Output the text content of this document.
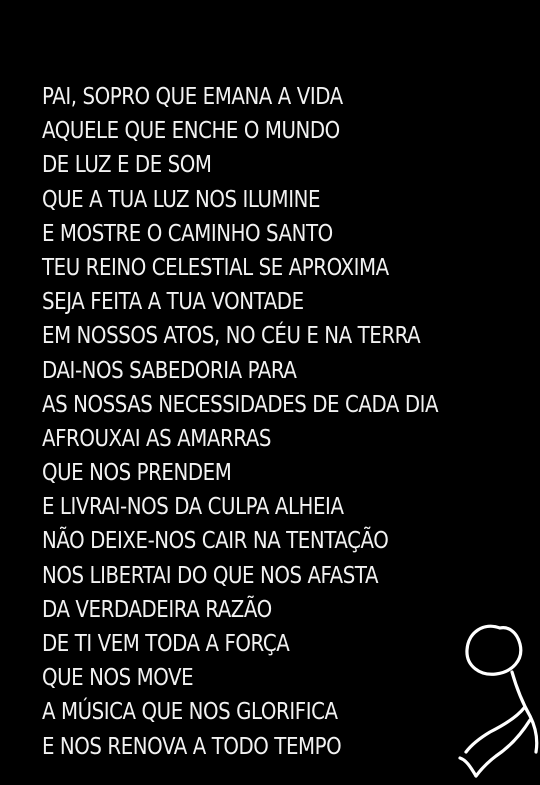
PAI, SOPRO QUE EMANA A VIDA
AQUELE QUE ENCHE O MUNDO
DE LUZ E DE SOM
QUE A TUA LUZ NOS ILUMINE
E MOSTRE O CAMINHO SANTO
TEU REINO CELESTIAL SE APROXIMA
SEJA FEITA A TUA VONTADE
EM NOSSOS ATOS, NO CÉU E NA TERRA
DAI-NOS SABEDORIA PARA
AS NOSSAS NECESSIDADES DE CADA DIA
AFROUXAI AS AMARRAS
QUE NOS PRENDEM
E LIVRAI-NOS DA CULPA ALHEIA
NÃO DEIXE-NOS CAIR NA TENTAÇÃO
NOS LIBERTAI DO QUE NOS AFASTA
DA VERDADEIRA RAZÃO
DE TI VEM TODA A FORÇA
QUE NOS MOVE
A MÚSICA QUE NOS GLORIFICA
E NOS RENOVA A TODO TEMPO
